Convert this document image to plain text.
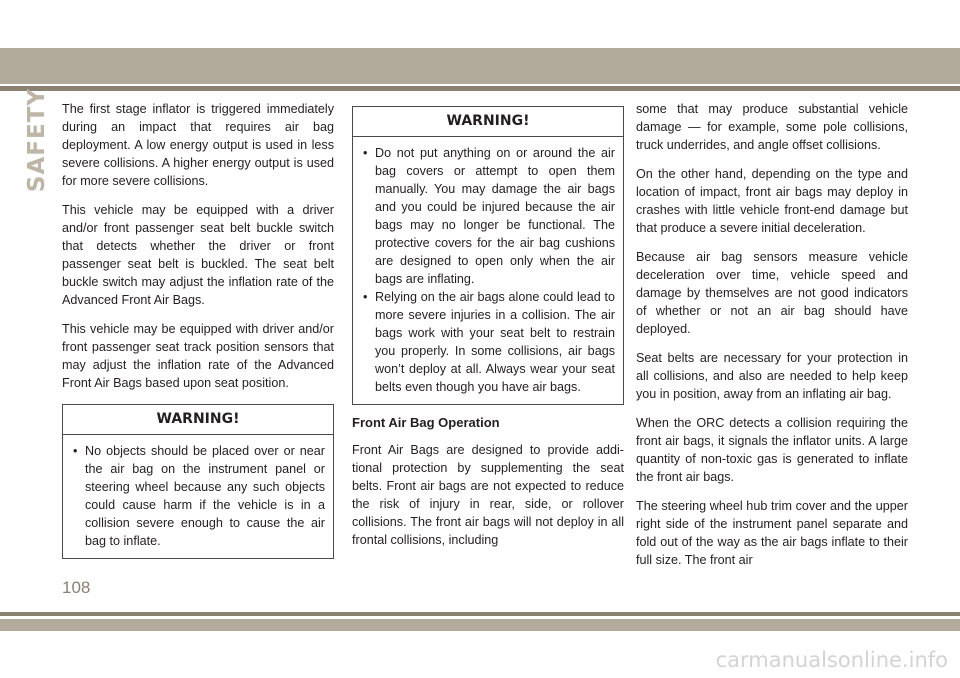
SAFETY The first stage inflator is triggered immediately during an impact that requires air bag deployment. A low energy output is used in less severe collisions. A higher energy output is used for more severe collisions.

This vehicle may be equipped with a driver and/or front passenger seat belt buckle switch that detects whether the driver or front passenger seat belt is buckled. The seat belt buckle switch may adjust the inflation rate of the Advanced Front Air Bags.

This vehicle may be equipped with driver and/or front passenger seat track position sensors that may adjust the inflation rate of the Advanced Front Air Bags based upon seat position.

WARNING!
• No objects should be placed over or near the air bag on the instrument panel or steering wheel because any such objects could cause harm if the vehicle is in a collision severe enough to cause the air bag to inflate.
WARNING!
• Do not put anything on or around the air bag covers or attempt to open them manually. You may damage the air bags and you could be injured because the air bags may no longer be functional. The protective covers for the air bag cushions are designed to open only when the air bags are inflating.
• Relying on the air bags alone could lead to more severe injuries in a collision. The air bags work with your seat belt to restrain you properly. In some collisions, air bags won’t deploy at all. Always wear your seat belts even though you have air bags.
Front Air Bag Operation

Front Air Bags are designed to provide additional protection by supplementing the seat belts. Front air bags are not expected to reduce the risk of injury in rear, side, or rollover collisions. The front air bags will not deploy in all frontal collisions, including

some that may produce substantial vehicle damage — for example, some pole collisions, truck underrides, and angle offset collisions.

On the other hand, depending on the type and location of impact, front air bags may deploy in crashes with little vehicle front-end damage but that produce a severe initial deceleration.

Because air bag sensors measure vehicle deceleration over time, vehicle speed and damage by themselves are not good indicators of whether or not an air bag should have deployed.

Seat belts are necessary for your protection in all collisions, and also are needed to help keep you in position, away from an inflating air bag.

When the ORC detects a collision requiring the front air bags, it signals the inflator units. A large quantity of non-toxic gas is generated to inflate the front air bags.

The steering wheel hub trim cover and the upper right side of the instrument panel separate and fold out of the way as the air bags inflate to their full size. The front air

108
carmanualsonline.info
